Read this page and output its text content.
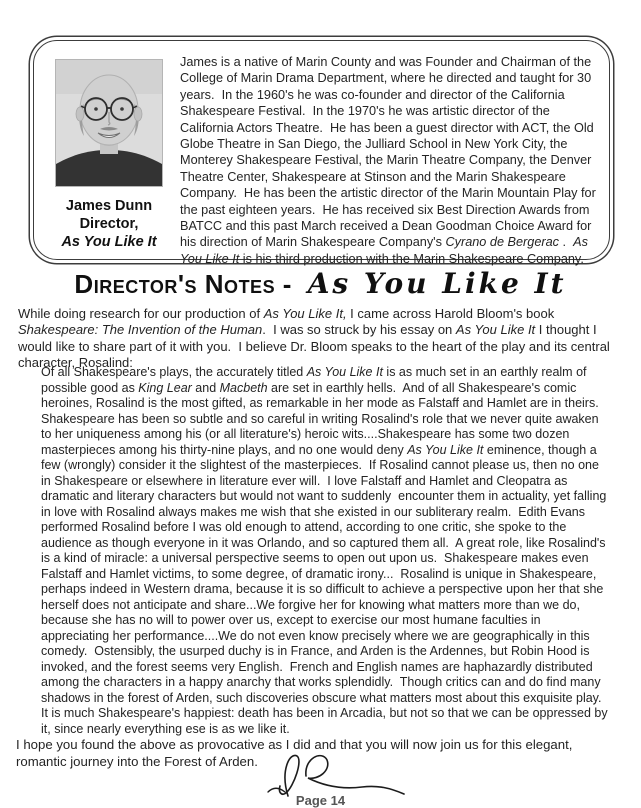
James Dunn
Director,
As You Like It

James is a native of Marin County and was Founder and Chairman of the College of Marin Drama Department, where he directed and taught for 30 years.  In the 1960's he was co-founder and director of the California Shakespeare Festival.  In the 1970's he was artistic director of the California Actors Theatre.  He has been a guest director with ACT, the Old Globe Theatre in San Diego, the Julliard School in New York City, the Monterey Shakespeare Festival, the Marin Theatre Company, the Denver Theatre Center, Shakespeare at Stinson and the Marin Shakespeare Company.  He has been the artistic director of the Marin Mountain Play for the past eighteen years.  He has received six Best Direction Awards from BATCC and this past March received a Dean Goodman Choice Award for his direction of Marin Shakespeare Company's Cyrano de Bergerac .  As You Like It is his third production with the Marin Shakespeare Company.

Director's Notes - As You Like It

While doing research for our production of As You Like It, I came across Harold Bloom's book Shakespeare: The Invention of the Human.  I was so struck by his essay on As You Like It I thought I would like to share part of it with you.  I believe Dr. Bloom speaks to the heart of the play and its central character, Rosalind:

Of all Shakespeare's plays, the accurately titled As You Like It is as much set in an earthly realm of possible good as King Lear and Macbeth are set in earthly hells.  And of all Shakespeare's comic heroines, Rosalind is the most gifted, as remarkable in her mode as Falstaff and Hamlet are in theirs.  Shakespeare has been so subtle and so careful in writing Rosalind's role that we never quite awaken to her uniqueness among his (or all literature's) heroic wits....Shakespeare has some two dozen masterpieces among his thirty-nine plays, and no one would deny As You Like It eminence, though a few (wrongly) consider it the slightest of the masterpieces.  If Rosalind cannot please us, then no one in Shakespeare or elsewhere in literature ever will.  I love Falstaff and Hamlet and Cleopatra as dramatic and literary characters but would not want to suddenly  encounter them in actuality, yet falling in love with Rosalind always makes me wish that she existed in our subliterary realm.  Edith Evans performed Rosalind before I was old enough to attend, according to one critic, she spoke to the audience as though everyone in it was Orlando, and so captured them all.  A great role, like Rosalind's is a kind of miracle: a universal perspective seems to open out upon us.  Shakespeare makes even Falstaff and Hamlet victims, to some degree, of dramatic irony...  Rosalind is unique in Shakespeare, perhaps indeed in Western drama, because it is so difficult to achieve a perspective upon her that she herself does not anticipate and share...We forgive her for knowing what matters more than we do, because she has no will to power over us, except to exercise our most humane faculties in appreciating her performance....We do not even know precisely where we are geographically in this comedy.  Ostensibly, the usurped duchy is in France, and Arden is the Ardennes, but Robin Hood is invoked, and the forest seems very English.  French and English names are haphazardly distributed among the characters in a happy anarchy that works splendidly.  Though critics can and do find many shadows in the forest of Arden, such discoveries obscure what matters most about this exquisite play.  It is much Shakespeare's happiest: death has been in Arcadia, but not so that we can be oppressed by it, since nearly everything ese is as we like it.

I hope you found the above as provocative as I did and that you will now join us for this elegant, romantic journey into the Forest of Arden.

Page 14
